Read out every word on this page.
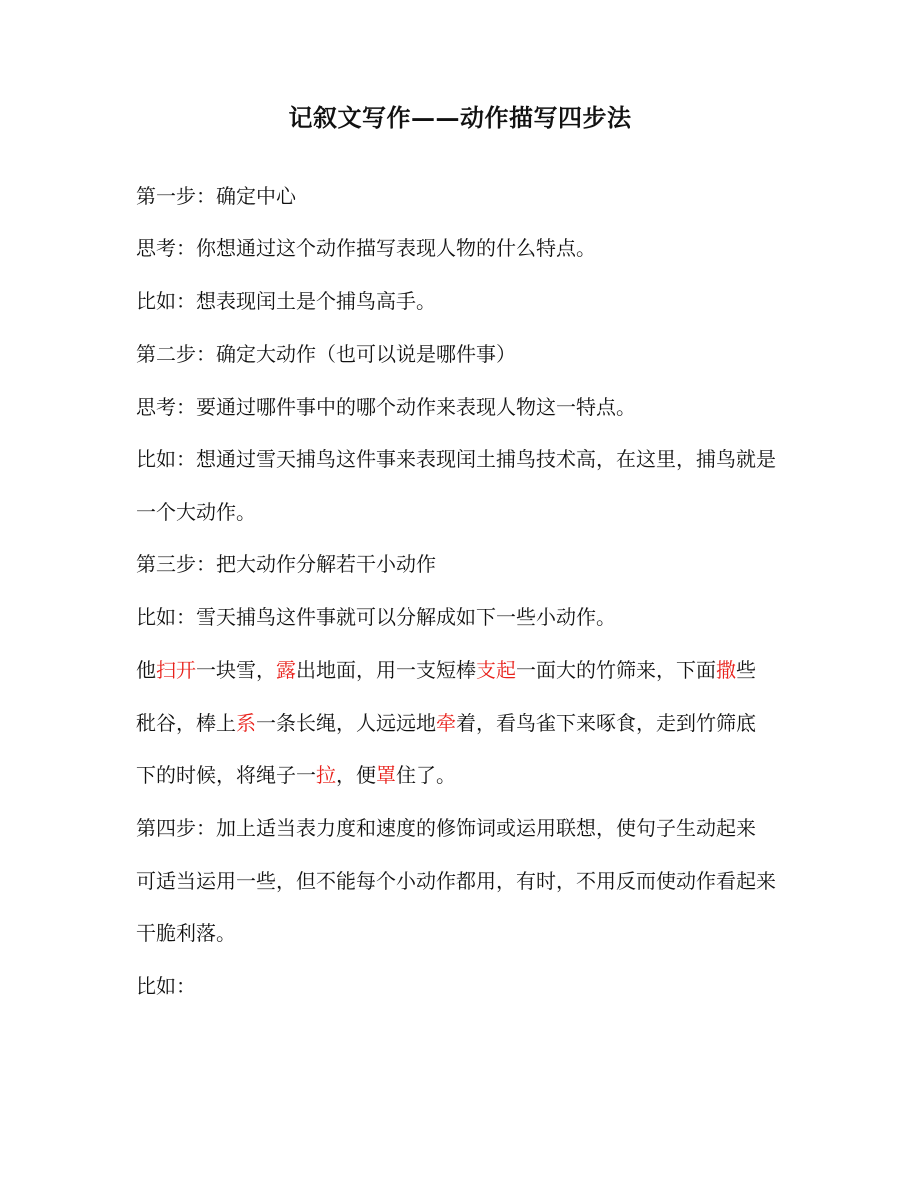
记叙文写作——动作描写四步法
第一步：确定中心
思考：你想通过这个动作描写表现人物的什么特点。
比如：想表现闰土是个捕鸟高手。
第二步：确定大动作（也可以说是哪件事）
思考：要通过哪件事中的哪个动作来表现人物这一特点。
比如：想通过雪天捕鸟这件事来表现闰土捕鸟技术高，在这里，捕鸟就是
一个大动作。
第三步：把大动作分解若干小动作
比如：雪天捕鸟这件事就可以分解成如下一些小动作。
他扫开一块雪，露出地面，用一支短棒支起一面大的竹筛来，下面撒些
秕谷，棒上系一条长绳，人远远地牵着，看鸟雀下来啄食，走到竹筛底
下的时候，将绳子一拉，便罩住了。
第四步：加上适当表力度和速度的修饰词或运用联想，使句子生动起来
可适当运用一些，但不能每个小动作都用，有时，不用反而使动作看起来
干脆利落。
比如：
